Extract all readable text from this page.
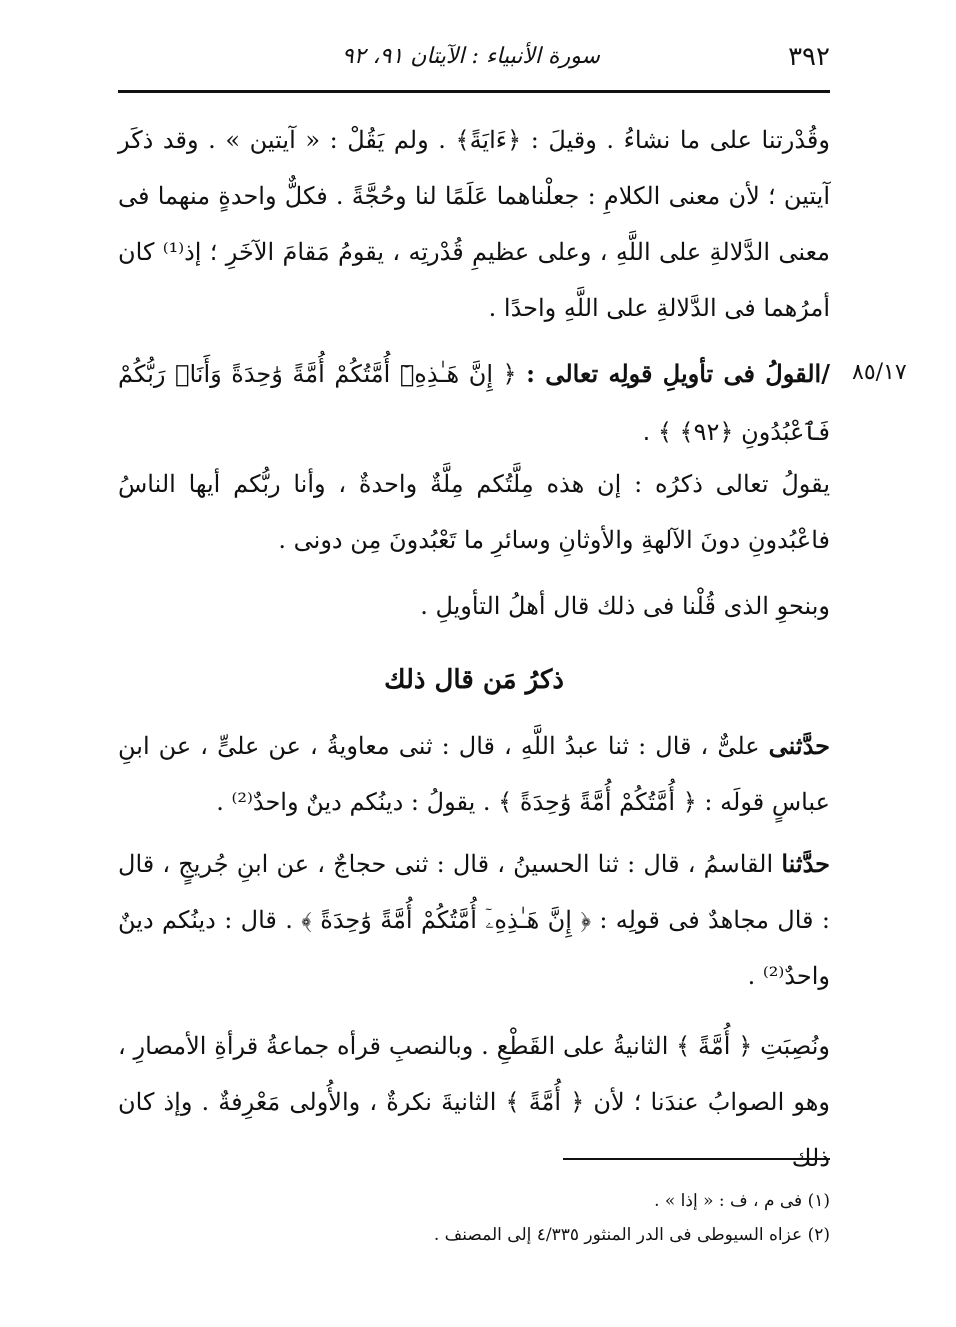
٣٩٢
سورة الأنبياء : الآيتان ٩١، ٩٢
وقُدْرتنا على ما نشاءُ . وقيلَ : ﴿ءَايَةً﴾ . ولم يَقُلْ : « آيتين » . وقد ذكَر آيتين ؛ لأن معنى الكلامِ : جعلْناهما عَلَمًا لنا وحُجَّةً . فكلٌّ واحدةٍ منهما فى معنى الدَّلالةِ على اللَّهِ ، وعلى عظيمِ قُدْرتِه ، يقومُ مَقامَ الآخَرِ ؛ إذ⁽¹⁾ كان أمرُهما فى الدَّلالةِ على اللَّهِ واحدًا .
٨٥/١٧
/القولُ فى تأويلِ قولِه تعالى : ﴿ إِنَّ هَـٰذِهِۦٓ أُمَّتُكُمْ أُمَّةً وَٰحِدَةً وَأَنَا۠ رَبُّكُمْ فَٱعْبُدُونِ ﴿٩٢﴾ ﴾ .
يقولُ تعالى ذكرُه : إن هذه مِلَّتُكم مِلَّةٌ واحدةٌ ، وأنا ربُّكم أيها الناسُ فاعْبُدونِ دونَ الآلهةِ والأوثانِ وسائرِ ما تَعْبُدونَ مِن دونى .
وبنحوِ الذى قُلْنا فى ذلك قال أهلُ التأويلِ .
ذكرُ مَن قال ذلك
حدَّثنى علىٌّ ، قال : ثنا عبدُ اللَّهِ ، قال : ثنى معاويةُ ، عن علىٍّ ، عن ابنِ عباسٍ قولَه : ﴿ أُمَّتُكُمْ أُمَّةً وَٰحِدَةً ﴾ . يقولُ : دينُكم دينٌ واحدٌ⁽²⁾ .
حدَّثنا القاسمُ ، قال : ثنا الحسينُ ، قال : ثنى حجاجٌ ، عن ابنِ جُريجٍ ، قال : قال مجاهدٌ فى قولِه : ﴿ إِنَّ هَـٰذِهِۦٓ أُمَّتُكُمْ أُمَّةً وَٰحِدَةً ﴾ . قال : دينُكم دينٌ واحدٌ⁽²⁾ .
ونُصِبَتِ ﴿ أُمَّةً ﴾ الثانيةُ على القَطْعِ . وبالنصبِ قرأه جماعةُ قرأةِ الأمصارِ ، وهو الصوابُ عندَنا ؛ لأن ﴿ أُمَّةً ﴾ الثانيةَ نكرةٌ ، والأُولى مَعْرِفةٌ . وإذ كان ذلك
(١) فى م ، ف : « إذا » .
(٢) عزاه السيوطى فى الدر المنثور ٤/٣٣٥ إلى المصنف .
